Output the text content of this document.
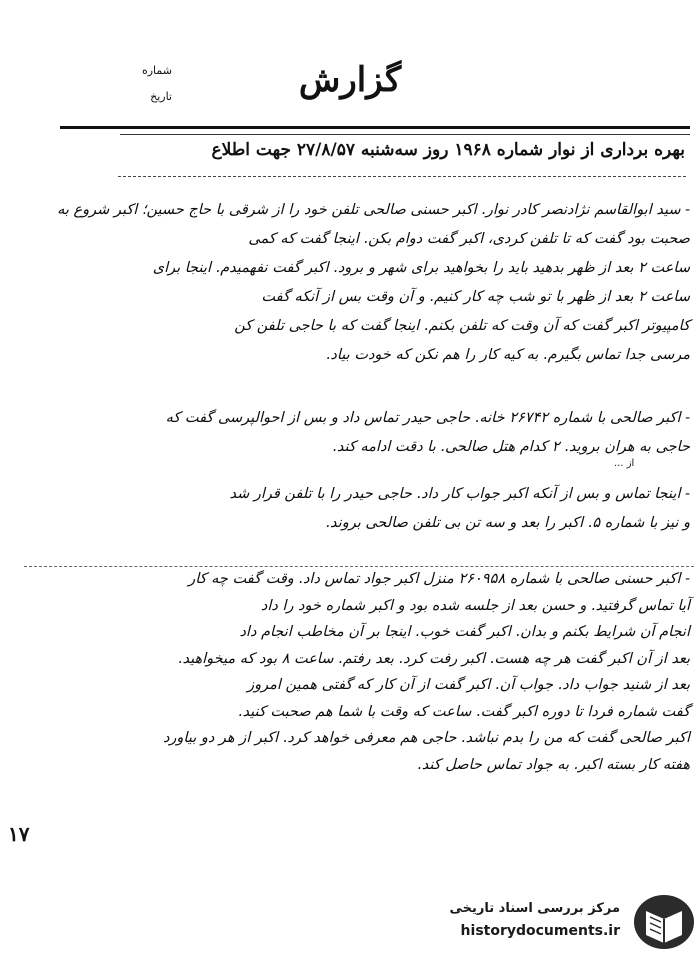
شماره
تاریخ	گزارش
بهره برداری از نوار شماره ۱۹۶۸ روز سه‌شنبه ۲۷/۸/۵۷ جهت اطلاع

- سید ابوالقاسم نژاد‌نصر کادر نوار. اکبر حسنی صالحی تلفن خود را از شرقی با حاج حسین؛ اکبر شروع به

صحبت بود گفت که تا تلفن کردی، اکبر گفت دوام بکن. اینجا گفت که کمی

ساعت ۲ بعد از ظهر بدهید باید را بخواهید برای شهر و برود. اکبر گفت نفهمیدم. اینجا برای

ساعت ۲ بعد از ظهر با تو شب چه کار کنیم. و آن وقت بس از آنکه گفت

کامپیوتر اکبر گفت که آن وقت که تلفن بکنم. اینجا گفت که با حاجی تلفن کن

مرسی جدا تماس بگیرم. به کیه کار را هم نکن که خودت بیاد.

- اکبر صالحی با شماره ۲۶۷۴۲ خانه. حاجی حیدر تماس داد و بس از احوالپرسی گفت که

حاجی به هران بروید. ۲ کدام هتل صالحی. با دقت ادامه کند.

از ...

- اینجا تماس و بس از آنکه اکبر جواب کار داد. حاجی حیدر را با تلفن قرار شد

و نیز با شماره ۵. اکبر را بعد و سه تن بی تلفن صالحی بروند.

- اکبر حسنی صالحی با شماره ۲۶۰۹۵۸ منزل اکبر جواد تماس داد. وقت گفت چه کار

آیا تماس گرفتید. و حسن بعد از جلسه شده بود و اکبر شماره خود را داد

انجام آن شرایط بکنم و بدان. اکبر گفت خوب. اینجا بر آن مخاطب انجام داد

بعد از آن اکبر گفت هر چه هست. اکبر رفت کرد. بعد رفتم. ساعت ۸ بود که میخواهید.

بعد از شنید جواب داد. جواب آن. اکبر گفت از آن کار که گفتی همین امروز

گفت شماره فردا تا دوره اکبر گفت. ساعت که وقت با شما هم صحبت کنید.

اکبر صالحی گفت که من را بدم نباشد. حاجی هم معرفی خواهد کرد. اکبر از هر دو بیاورد

هفته کار بسته اکبر. به جواد تماس حاصل کند.

۱۷
مرکز بررسی اسناد تاریخی
historydocuments.ir
